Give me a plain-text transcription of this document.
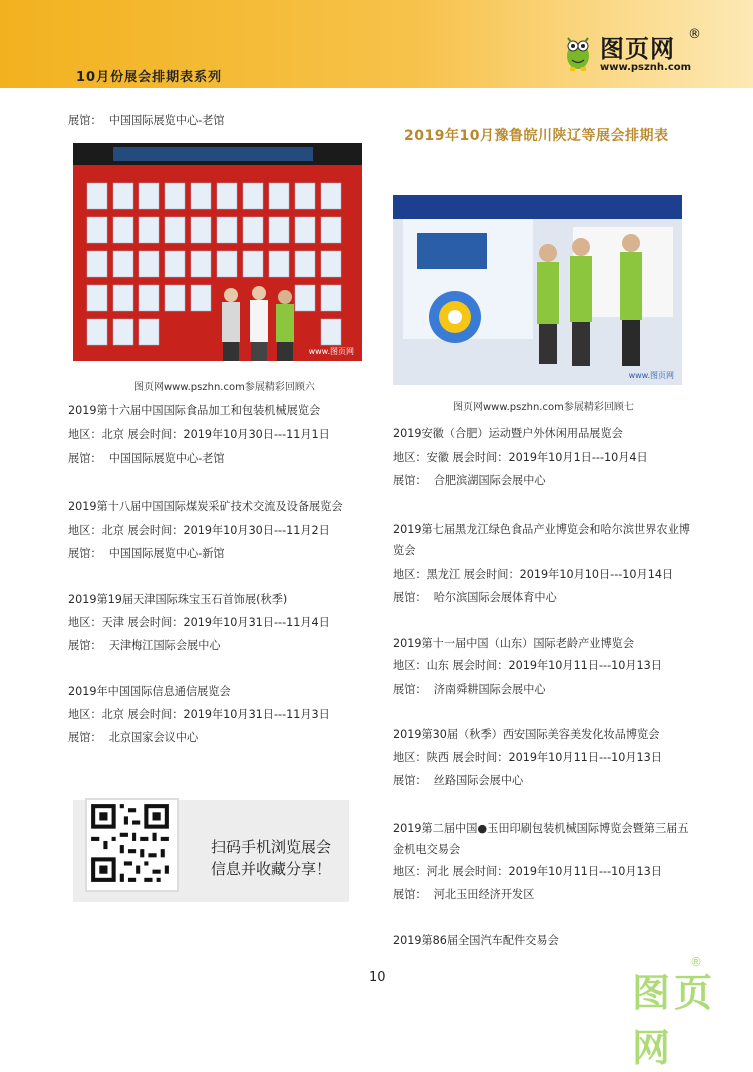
10月份展会排期表系列
图页网
®
www.psznh.com
展馆： 中国国际展览中心-老馆
www.图页网
图页网www.pszhn.com参展精彩回顾六
2019第十六届中国国际食品加工和包装机械展览会
地区：北京 展会时间：2019年10月30日---11月1日
展馆： 中国国际展览中心-老馆
2019第十八届中国国际煤炭采矿技术交流及设备展览会
地区：北京 展会时间：2019年10月30日---11月2日
展馆： 中国国际展览中心-新馆
2019第19届天津国际珠宝玉石首饰展(秋季)
地区：天津 展会时间：2019年10月31日---11月4日
展馆： 天津梅江国际会展中心
2019年中国国际信息通信展览会
地区：北京 展会时间：2019年10月31日---11月3日
展馆： 北京国家会议中心
扫码手机浏览展会
信息并收藏分享！
2019年10月豫鲁皖川陕辽等展会排期表
www.图页网
图页网www.pszhn.com参展精彩回顾七
2019安徽（合肥）运动暨户外休闲用品展览会
地区：安徽 展会时间：2019年10月1日---10月4日
展馆： 合肥滨湖国际会展中心
2019第七届黑龙江绿色食品产业博览会和哈尔滨世界农业博览会
地区：黑龙江 展会时间：2019年10月10日---10月14日
展馆： 哈尔滨国际会展体育中心
2019第十一届中国（山东）国际老龄产业博览会
地区：山东 展会时间：2019年10月11日---10月13日
展馆： 济南舜耕国际会展中心
2019第30届（秋季）西安国际美容美发化妆品博览会
地区：陕西 展会时间：2019年10月11日---10月13日
展馆： 丝路国际会展中心
2019第二届中国●玉田印刷包装机械国际博览会暨第三届五金机电交易会
地区：河北 展会时间：2019年10月11日---10月13日
展馆： 河北玉田经济开发区
2019第86届全国汽车配件交易会
10	图页网
®
